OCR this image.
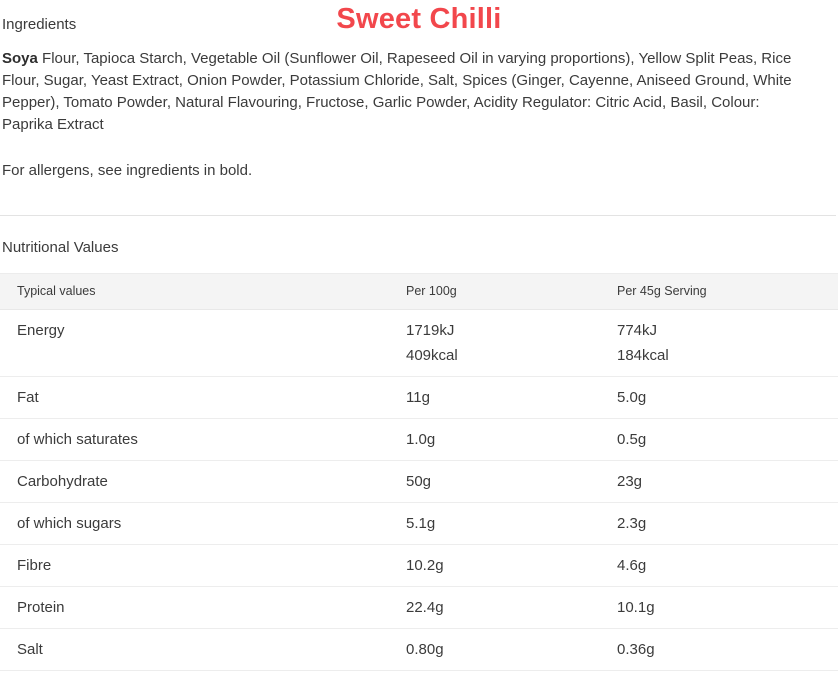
Ingredients	Sweet Chilli

Soya Flour, Tapioca Starch, Vegetable Oil (Sunflower Oil, Rapeseed Oil in varying proportions), Yellow Split Peas, Rice Flour, Sugar, Yeast Extract, Onion Powder, Potassium Chloride, Salt, Spices (Ginger, Cayenne, Aniseed Ground, White Pepper), Tomato Powder, Natural Flavouring, Fructose, Garlic Powder, Acidity Regulator: Citric Acid, Basil, Colour: Paprika Extract

For allergens, see ingredients in bold.

Nutritional Values
Typical values	Per 100g	Per 45g Serving
Energy	1719kJ	774kJ
	409kcal	184kcal
Fat	11g	5.0g
of which saturates	1.0g	0.5g
Carbohydrate	50g	23g
of which sugars	5.1g	2.3g
Fibre	10.2g	4.6g
Protein	22.4g	10.1g
Salt	0.80g	0.36g
